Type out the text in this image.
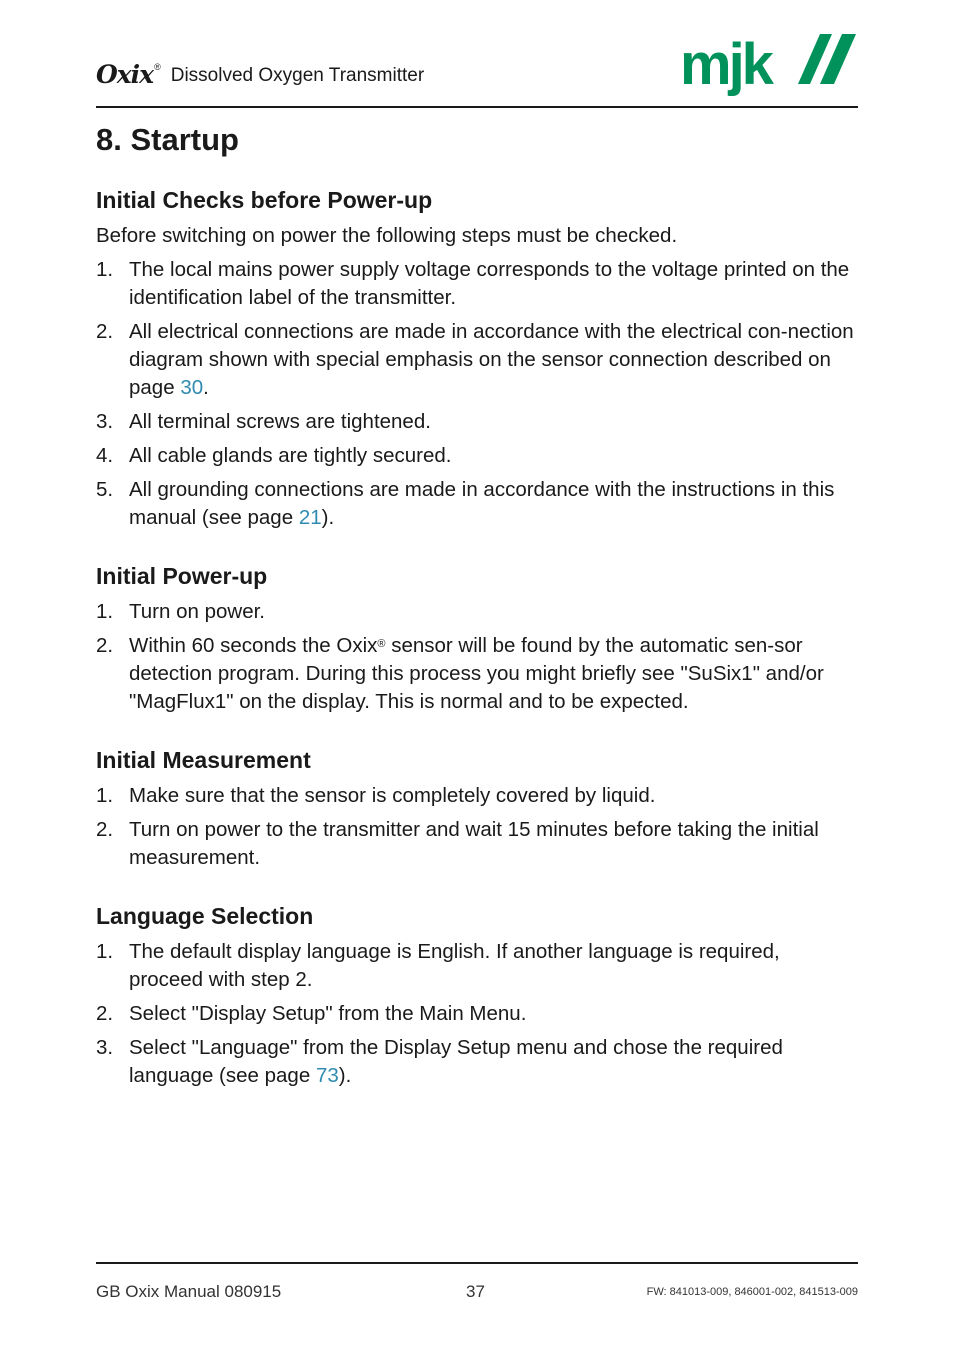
Oxix ® Dissolved Oxygen Transmitter	mjk
8. Startup
Initial Checks before Power-up

Before switching on power the following steps must be checked.

1. The local mains power supply voltage corresponds to the voltage printed on the identification label of the transmitter.
2. All electrical connections are made in accordance with the electrical con-nection diagram shown with special emphasis on the sensor connection described on page 30.
3. All terminal screws are tightened.
4. All cable glands are tightly secured.
5. All grounding connections are made in accordance with the instructions in this manual (see page 21).
Initial Power-up
1. Turn on power.
2. Within 60 seconds the Oxix® sensor will be found by the automatic sen-sor detection program. During this process you might briefly see "SuSix1" and/or "MagFlux1" on the display. This is normal and to be expected.
Initial Measurement
1. Make sure that the sensor is completely covered by liquid.
2. Turn on power to the transmitter and wait 15 minutes before taking the initial measurement.
Language Selection
1. The default display language is English. If another language is required, proceed with step 2.
2. Select "Display Setup" from the Main Menu.
3. Select "Language" from the Display Setup menu and chose the required language (see page 73).
GB Oxix Manual 080915	37	FW: 841013-009, 846001-002, 841513-009
